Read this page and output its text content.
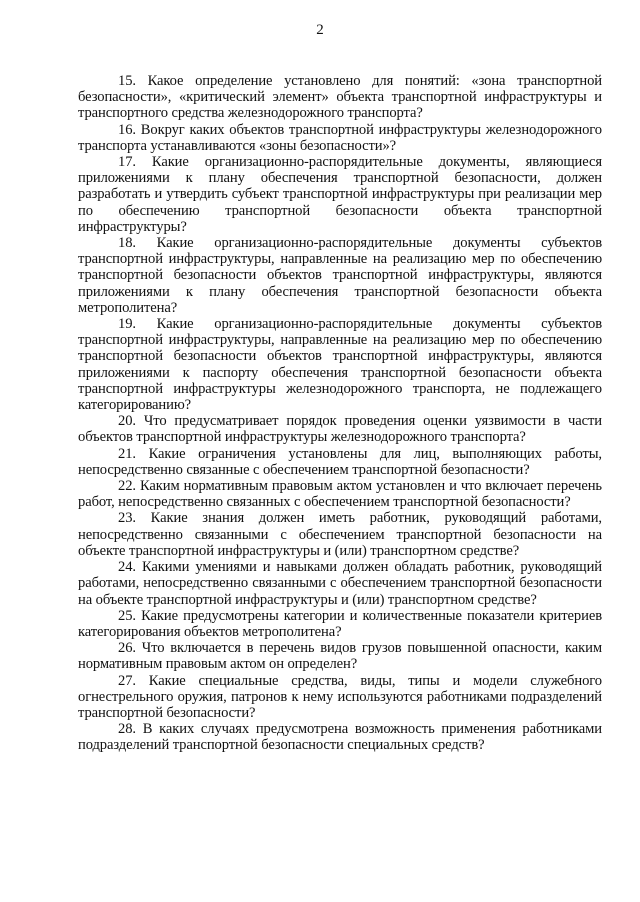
2

15. Какое определение установлено для понятий: «зона транспортной безопасности», «критический элемент» объекта транспортной инфраструктуры и транспортного средства железнодорожного транспорта?

16. Вокруг каких объектов транспортной инфраструктуры железнодорожного транспорта устанавливаются «зоны безопасности»?

17. Какие организационно-распорядительные документы, являющиеся приложениями к плану обеспечения транспортной безопасности, должен разработать и утвердить субъект транспортной инфраструктуры при реализации мер по обеспечению транспортной безопасности объекта транспортной инфраструктуры?

18. Какие организационно-распорядительные документы субъектов транспортной инфраструктуры, направленные на реализацию мер по обеспечению транспортной безопасности объектов транспортной инфраструктуры, являются приложениями к плану обеспечения транспортной безопасности объекта метрополитена?

19. Какие организационно-распорядительные документы субъектов транспортной инфраструктуры, направленные на реализацию мер по обеспечению транспортной безопасности объектов транспортной инфраструктуры, являются приложениями к паспорту обеспечения транспортной безопасности объекта транспортной инфраструктуры железнодорожного транспорта, не подлежащего категорированию?

20. Что предусматривает порядок проведения оценки уязвимости в части объектов транспортной инфраструктуры железнодорожного транспорта?

21. Какие ограничения установлены для лиц, выполняющих работы, непосредственно связанные с обеспечением транспортной безопасности?

22. Каким нормативным правовым актом установлен и что включает перечень работ, непосредственно связанных с обеспечением транспортной безопасности?

23. Какие знания должен иметь работник, руководящий работами, непосредственно связанными с обеспечением транспортной безопасности на объекте транспортной инфраструктуры и (или) транспортном средстве?

24. Какими умениями и навыками должен обладать работник, руководящий работами, непосредственно связанными с обеспечением транспортной безопасности на объекте транспортной инфраструктуры и (или) транспортном средстве?

25. Какие предусмотрены категории и количественные показатели критериев категорирования объектов метрополитена?

26. Что включается в перечень видов грузов повышенной опасности, каким нормативным правовым актом он определен?

27. Какие специальные средства, виды, типы и модели служебного огнестрельного оружия, патронов к нему используются работниками подразделений транспортной безопасности?

28. В каких случаях предусмотрена возможность применения работниками подразделений транспортной безопасности специальных средств?
